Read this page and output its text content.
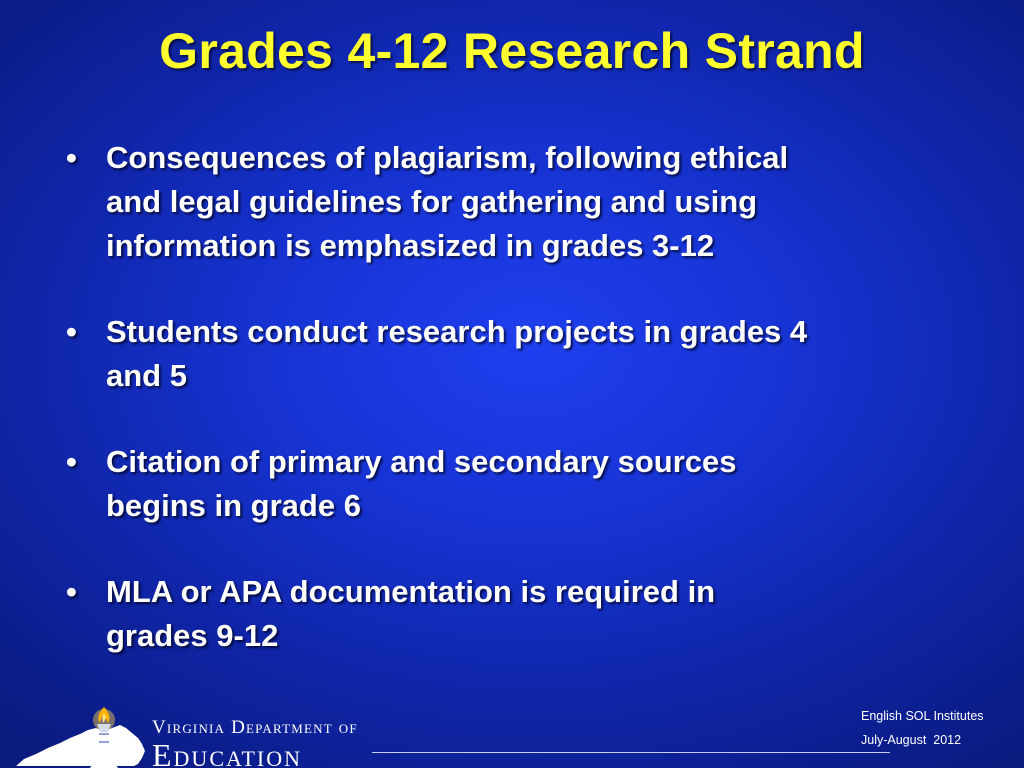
Grades 4-12 Research Strand
• Consequences of plagiarism, following ethical
and legal guidelines for gathering and using
information is emphasized in grades 3-12
• Students conduct research projects in grades 4
and 5
• Citation of primary and secondary sources
begins in grade 6
• MLA or APA documentation is required in
grades 9-12
Virginia Department of
Education
English SOL Institutes
July-August  2012
